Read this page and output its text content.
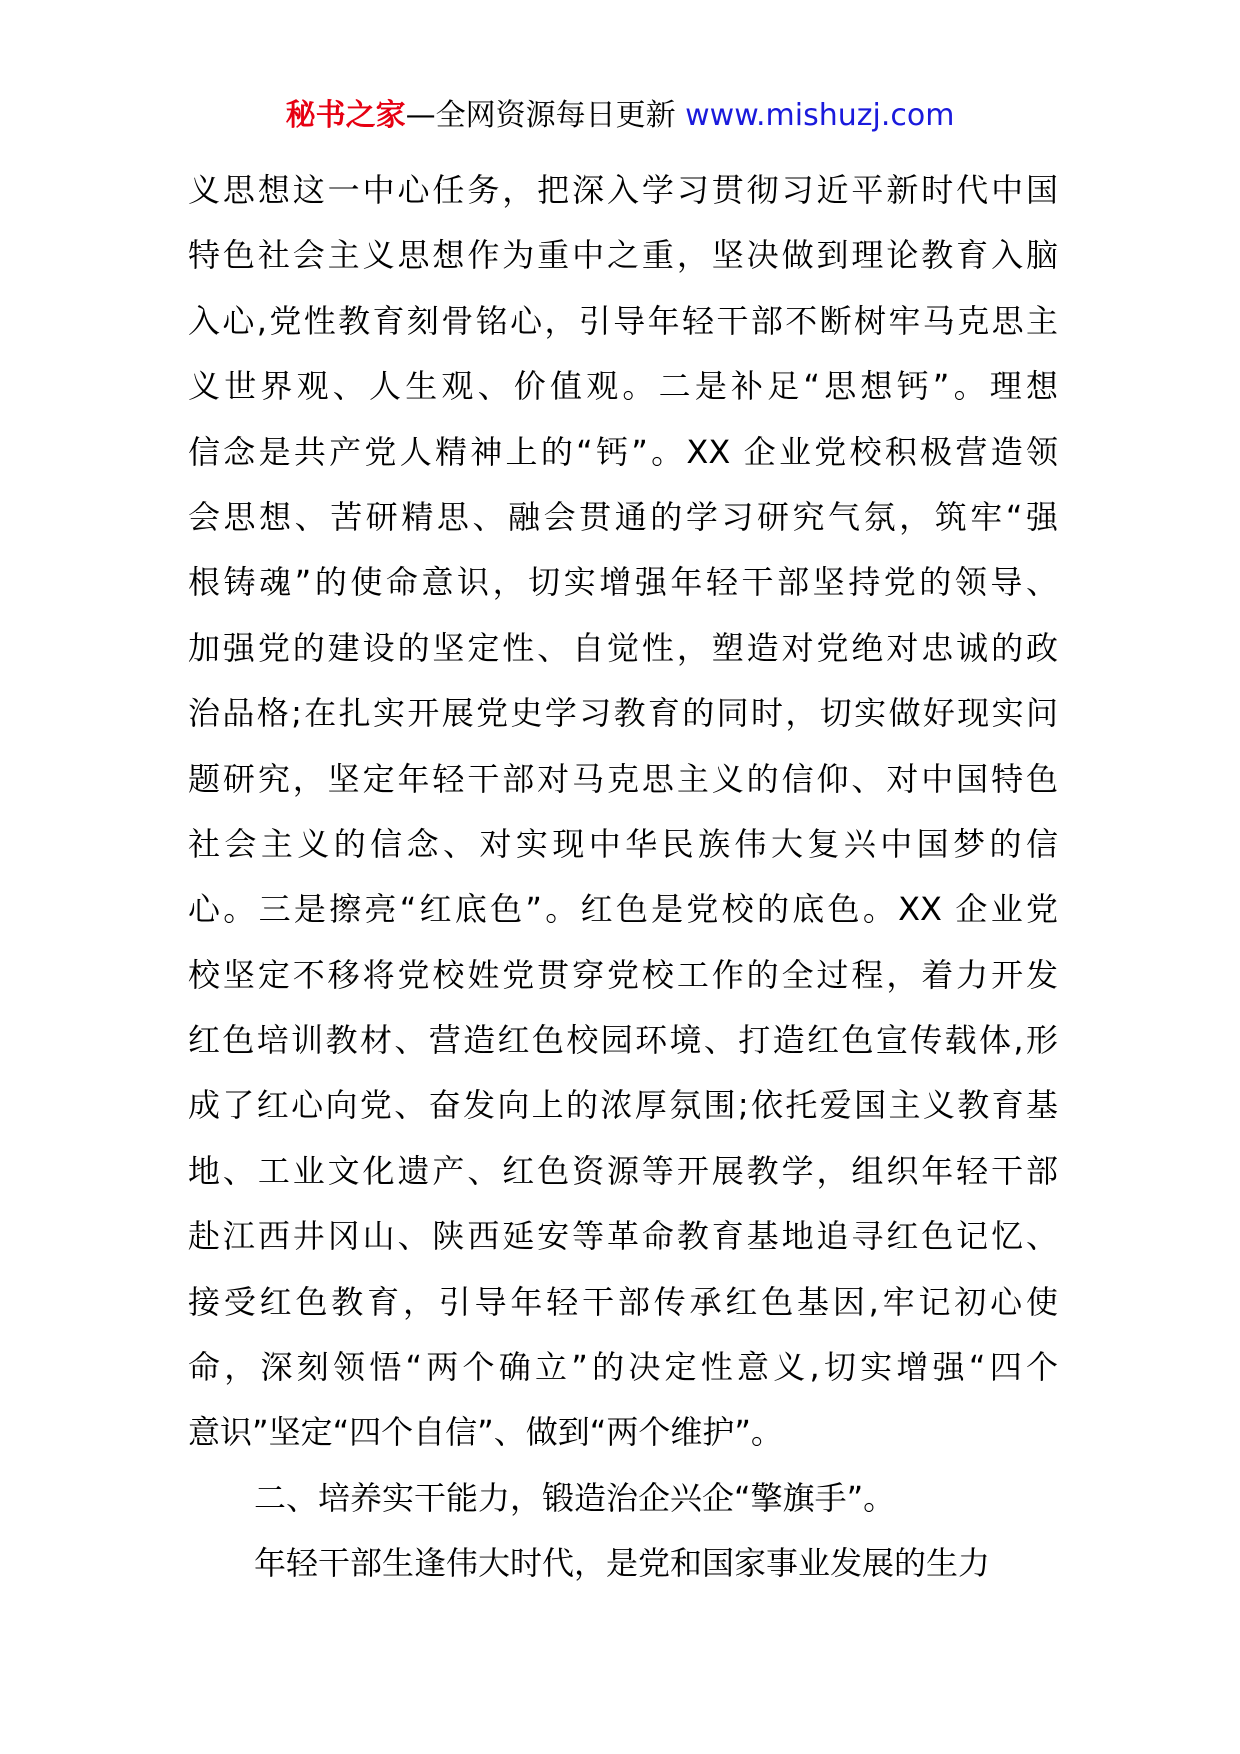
秘书之家—全网资源每日更新 www.mishuzj.com
义思想这一中心任务，把深入学习贯彻习近平新时代中国
特色社会主义思想作为重中之重，坚决做到理论教育入脑
入心,党性教育刻骨铭心，引导年轻干部不断树牢马克思主
义世界观、人生观、价值观。二是补足“思想钙”。理想
信念是共产党人精神上的“钙”。XX 企业党校积极营造领
会思想、苦研精思、融会贯通的学习研究气氛，筑牢“强
根铸魂”的使命意识，切实增强年轻干部坚持党的领导、
加强党的建设的坚定性、自觉性，塑造对党绝对忠诚的政
治品格;在扎实开展党史学习教育的同时，切实做好现实问
题研究，坚定年轻干部对马克思主义的信仰、对中国特色
社会主义的信念、对实现中华民族伟大复兴中国梦的信
心。三是擦亮“红底色”。红色是党校的底色。XX 企业党
校坚定不移将党校姓党贯穿党校工作的全过程，着力开发
红色培训教材、营造红色校园环境、打造红色宣传载体,形
成了红心向党、奋发向上的浓厚氛围;依托爱国主义教育基
地、工业文化遗产、红色资源等开展教学，组织年轻干部
赴江西井冈山、陕西延安等革命教育基地追寻红色记忆、
接受红色教育，引导年轻干部传承红色基因,牢记初心使
命，深刻领悟“两个确立”的决定性意义,切实增强“四个
意识”坚定“四个自信”、做到“两个维护”。
二、培养实干能力，锻造治企兴企“擎旗手”。
年轻干部生逢伟大时代，是党和国家事业发展的生力
